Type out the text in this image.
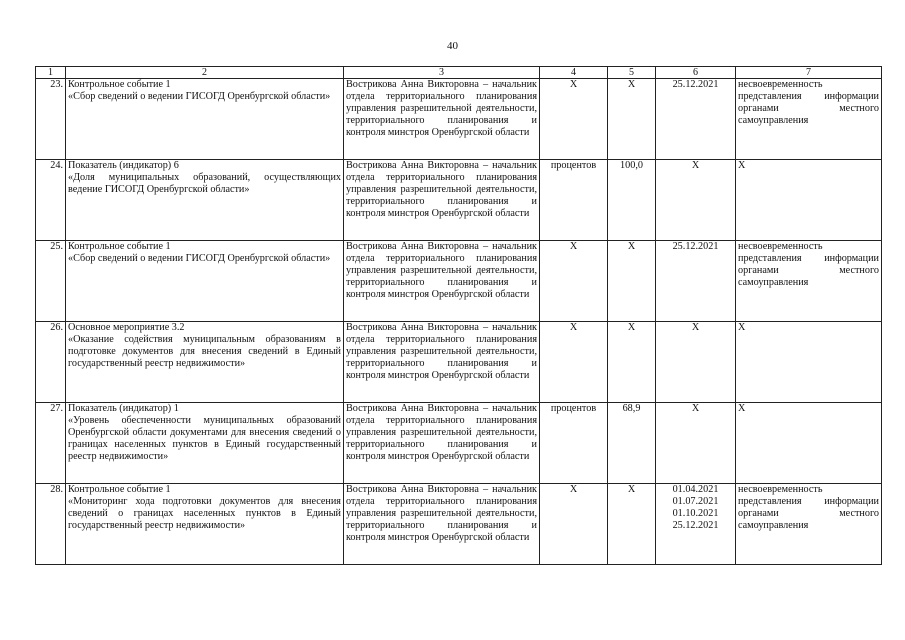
40
1	2	3	4	5	6	7
23.	Контрольное событие 1
«Сбор сведений о ведении ГИСОГД Оренбургской области»	Вострикова Анна Викторовна – начальник отдела территориального планирования управления разрешительной деятельности, территориального планирования и контроля минстроя Оренбургской области	X	X	25.12.2021	несвоевременность представления информации органами местного самоуправления
24.	Показатель (индикатор) 6
«Доля муниципальных образований, осуществляющих ведение ГИСОГД Оренбургской области»	Вострикова Анна Викторовна – начальник отдела территориального планирования управления разрешительной деятельности, территориального планирования и контроля минстроя Оренбургской области	процентов	100,0	X	X
25.	Контрольное событие 1
«Сбор сведений о ведении ГИСОГД Оренбургской области»	Вострикова Анна Викторовна – начальник отдела территориального планирования управления разрешительной деятельности, территориального планирования и контроля минстроя Оренбургской области	X	X	25.12.2021	несвоевременность представления информации органами местного самоуправления
26.	Основное мероприятие 3.2
«Оказание содействия муниципальным образованиям в подготовке документов для внесения сведений в Единый государственный реестр недвижимости»	Вострикова Анна Викторовна – начальник отдела территориального планирования управления разрешительной деятельности, территориального планирования и контроля минстроя Оренбургской области	X	X	X	X
27.	Показатель (индикатор) 1
«Уровень обеспеченности муниципальных образований Оренбургской области документами для внесения сведений о границах населенных пунктов в Единый государственный реестр недвижимости»	Вострикова Анна Викторовна – начальник отдела территориального планирования управления разрешительной деятельности, территориального планирования и контроля минстроя Оренбургской области	процентов	68,9	X	X
28.	Контрольное событие 1
«Мониторинг хода подготовки документов для внесения сведений о границах населенных пунктов в Единый государственный реестр недвижимости»	Вострикова Анна Викторовна – начальник отдела территориального планирования управления разрешительной деятельности, территориального планирования и контроля минстроя Оренбургской области	X	X	01.04.2021
01.07.2021
01.10.2021
25.12.2021	несвоевременность представления информации органами местного самоуправления
